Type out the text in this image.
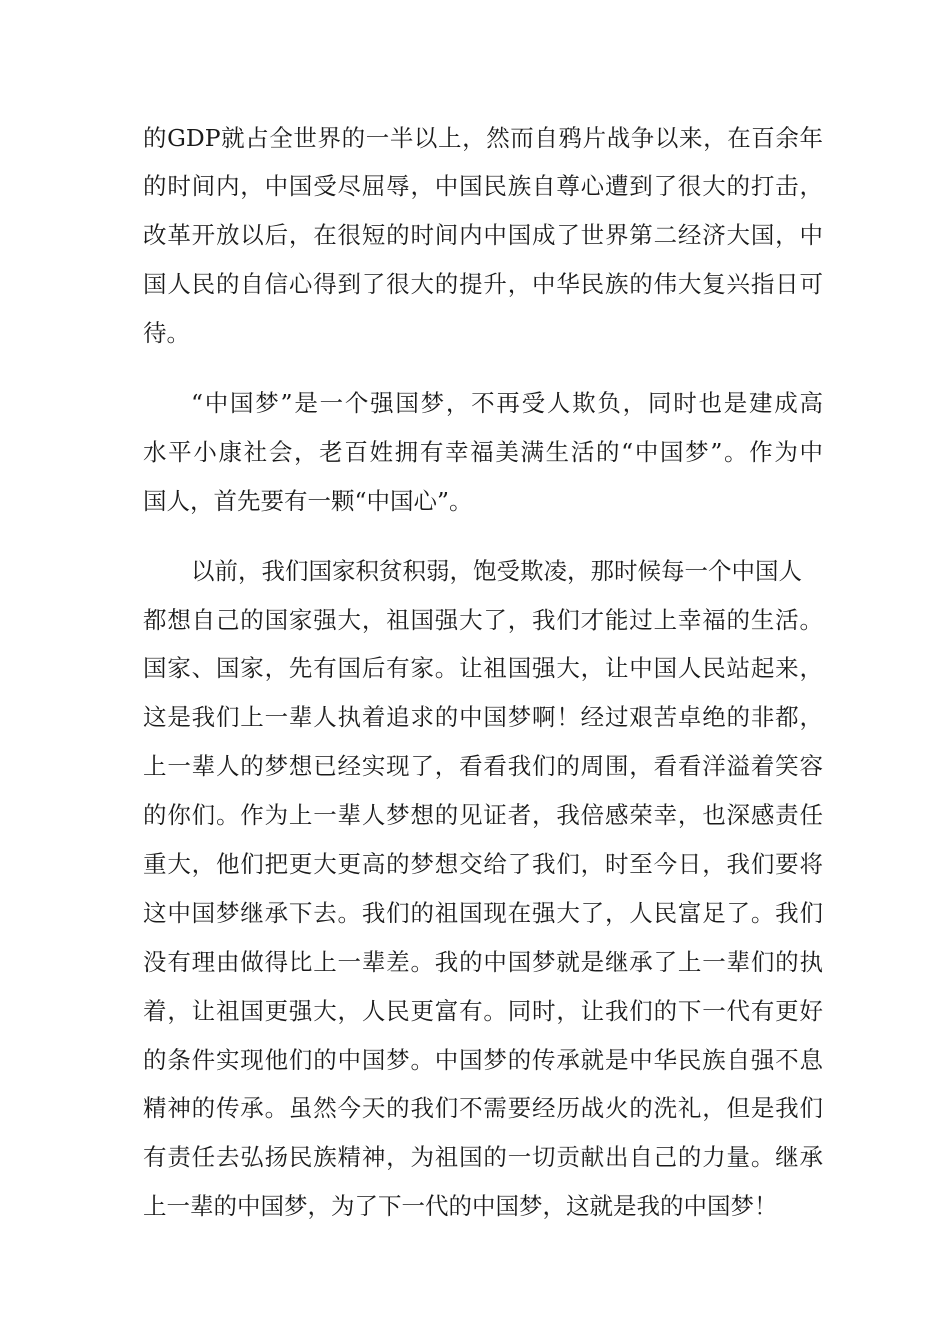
的GDP就占全世界的一半以上，然而自鸦片战争以来，在百余年
的时间内，中国受尽屈辱，中国民族自尊心遭到了很大的打击，
改革开放以后，在很短的时间内中国成了世界第二经济大国，中
国人民的自信心得到了很大的提升，中华民族的伟大复兴指日可
待。
“中国梦”是一个强国梦，不再受人欺负，同时也是建成高
水平小康社会，老百姓拥有幸福美满生活的“中国梦”。作为中
国人，首先要有一颗“中国心”。
以前，我们国家积贫积弱，饱受欺凌，那时候每一个中国人
都想自己的国家强大，祖国强大了，我们才能过上幸福的生活。
国家、国家，先有国后有家。让祖国强大，让中国人民站起来，
这是我们上一辈人执着追求的中国梦啊！经过艰苦卓绝的非都，
上一辈人的梦想已经实现了，看看我们的周围，看看洋溢着笑容
的你们。作为上一辈人梦想的见证者，我倍感荣幸，也深感责任
重大，他们把更大更高的梦想交给了我们，时至今日，我们要将
这中国梦继承下去。我们的祖国现在强大了，人民富足了。我们
没有理由做得比上一辈差。我的中国梦就是继承了上一辈们的执
着，让祖国更强大，人民更富有。同时，让我们的下一代有更好
的条件实现他们的中国梦。中国梦的传承就是中华民族自强不息
精神的传承。虽然今天的我们不需要经历战火的洗礼，但是我们
有责任去弘扬民族精神，为祖国的一切贡献出自己的力量。继承
上一辈的中国梦，为了下一代的中国梦，这就是我的中国梦！
